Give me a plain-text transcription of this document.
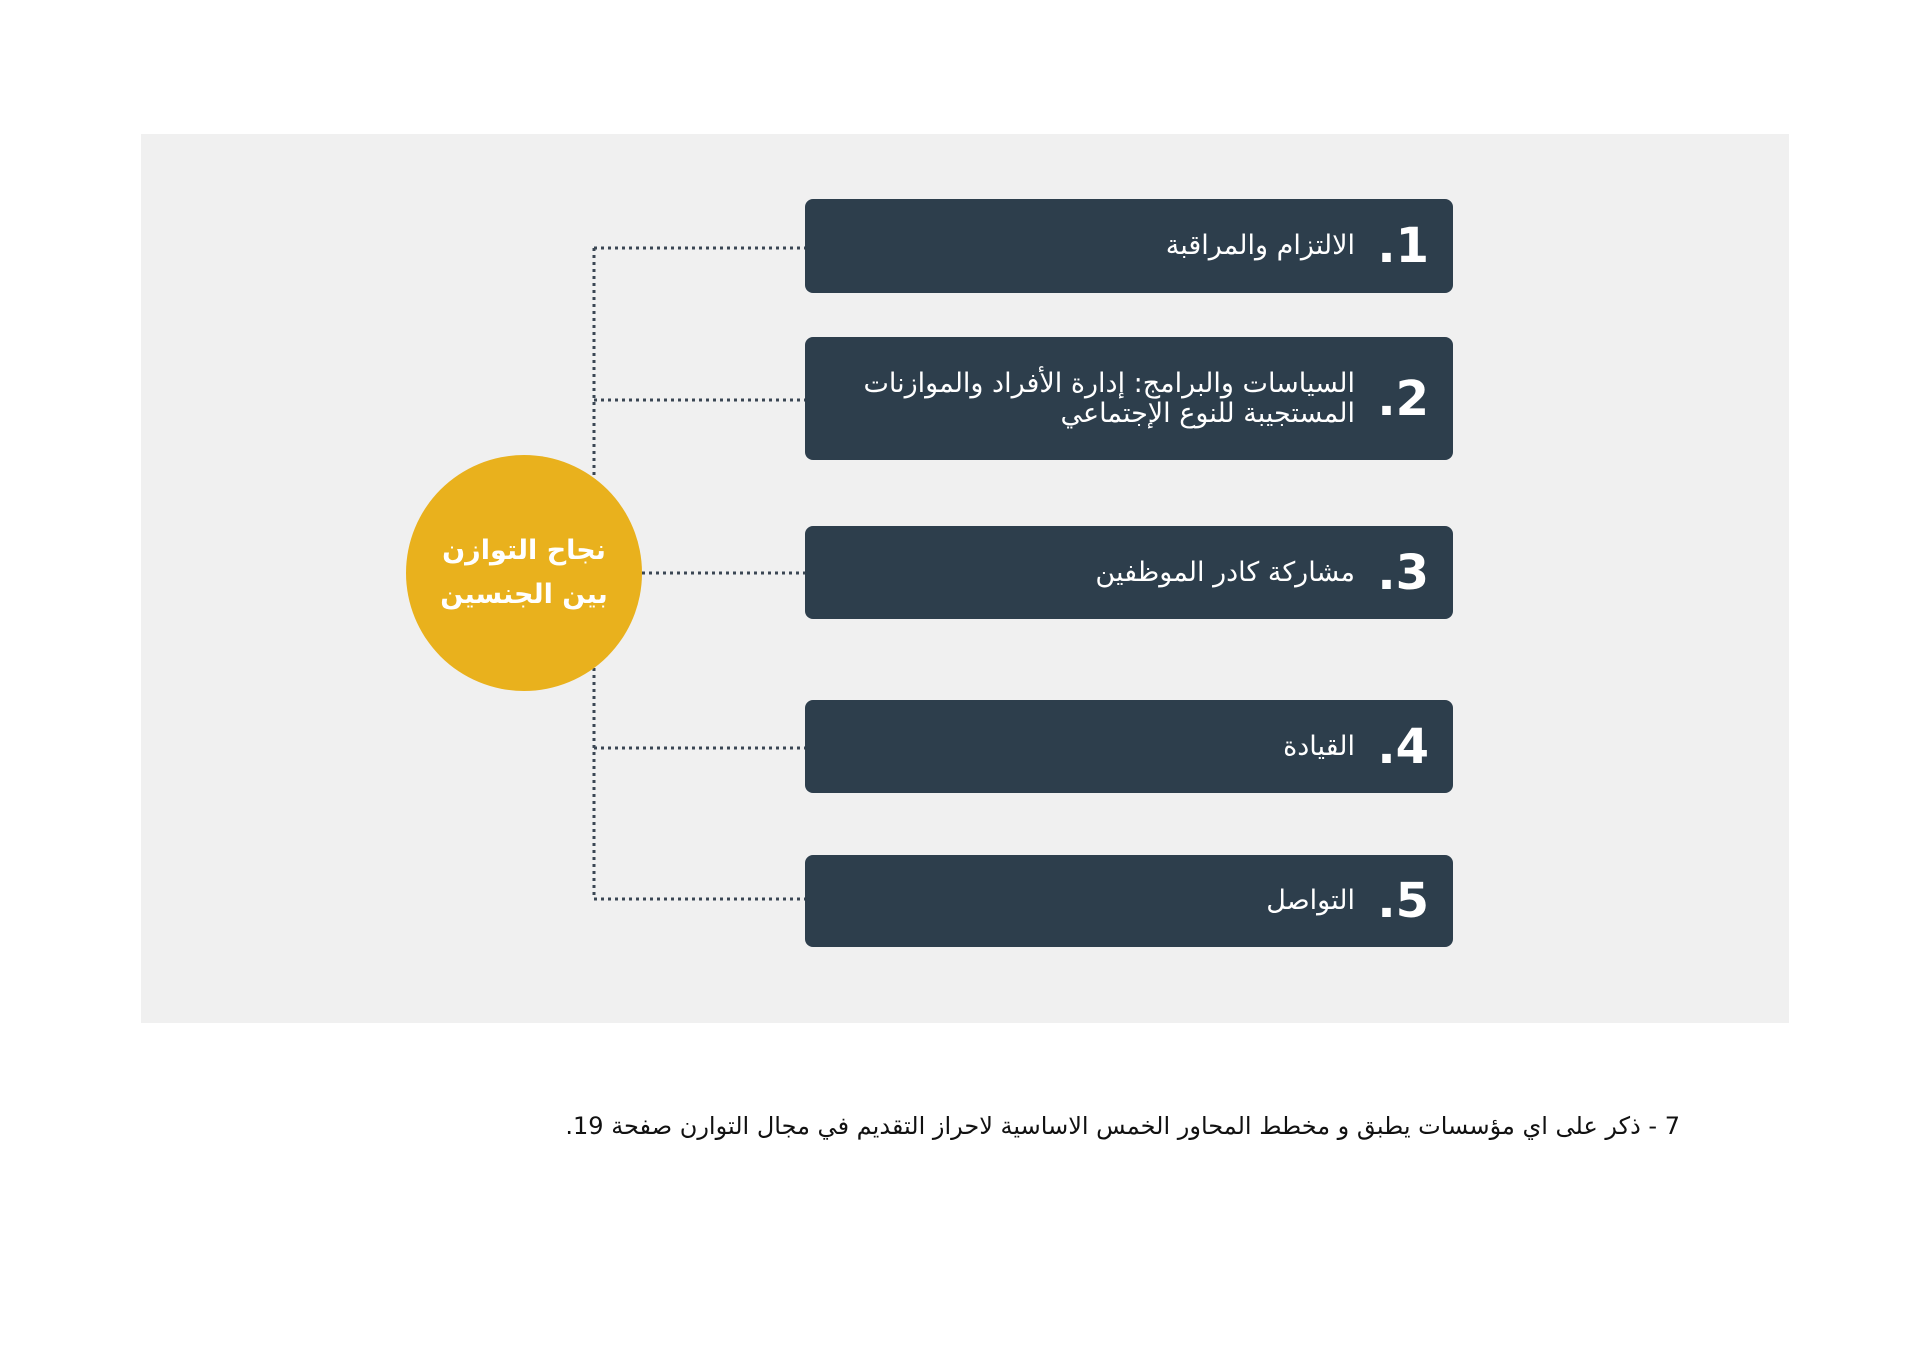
نجاح التوازن
بين الجنسين
.1
الالتزام والمراقبة
.2
السياسات والبرامج: إدارة الأفراد والموازنات
المستجيبة للنوع الإجتماعي
.3
مشاركة كادر الموظفين
.4
القيادة
.5
التواصل
7 - ذكر على اي مؤسسات يطبق و مخطط المحاور الخمس الاساسية لاحراز التقديم في مجال التوارن صفحة 19.
